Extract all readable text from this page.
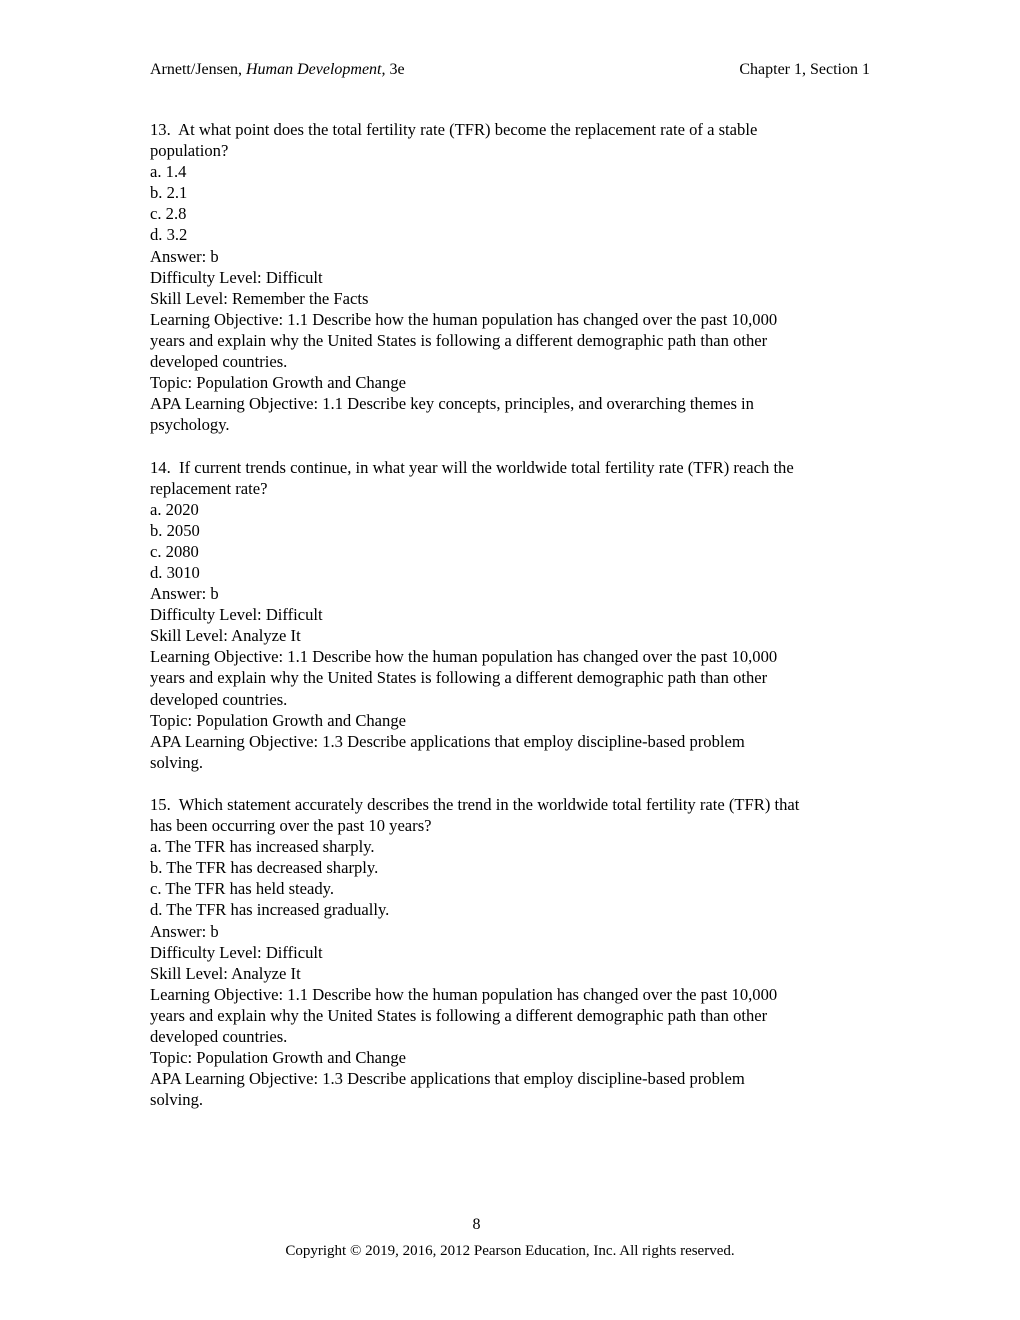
Arnett/Jensen, Human Development, 3e	Chapter 1, Section 1
13.  At what point does the total fertility rate (TFR) become the replacement rate of a stable
population?
a. 1.4
b. 2.1
c. 2.8
d. 3.2
Answer: b
Difficulty Level: Difficult
Skill Level: Remember the Facts
Learning Objective: 1.1 Describe how the human population has changed over the past 10,000
years and explain why the United States is following a different demographic path than other
developed countries.
Topic: Population Growth and Change
APA Learning Objective: 1.1 Describe key concepts, principles, and overarching themes in
psychology.
14.  If current trends continue, in what year will the worldwide total fertility rate (TFR) reach the
replacement rate?
a. 2020
b. 2050
c. 2080
d. 3010
Answer: b
Difficulty Level: Difficult
Skill Level: Analyze It
Learning Objective: 1.1 Describe how the human population has changed over the past 10,000
years and explain why the United States is following a different demographic path than other
developed countries.
Topic: Population Growth and Change
APA Learning Objective: 1.3 Describe applications that employ discipline-based problem
solving.
15.  Which statement accurately describes the trend in the worldwide total fertility rate (TFR) that
has been occurring over the past 10 years?
a. The TFR has increased sharply.
b. The TFR has decreased sharply.
c. The TFR has held steady.
d. The TFR has increased gradually.
Answer: b
Difficulty Level: Difficult
Skill Level: Analyze It
Learning Objective: 1.1 Describe how the human population has changed over the past 10,000
years and explain why the United States is following a different demographic path than other
developed countries.
Topic: Population Growth and Change
APA Learning Objective: 1.3 Describe applications that employ discipline-based problem
solving.
8
Copyright © 2019, 2016, 2012 Pearson Education, Inc. All rights reserved.
